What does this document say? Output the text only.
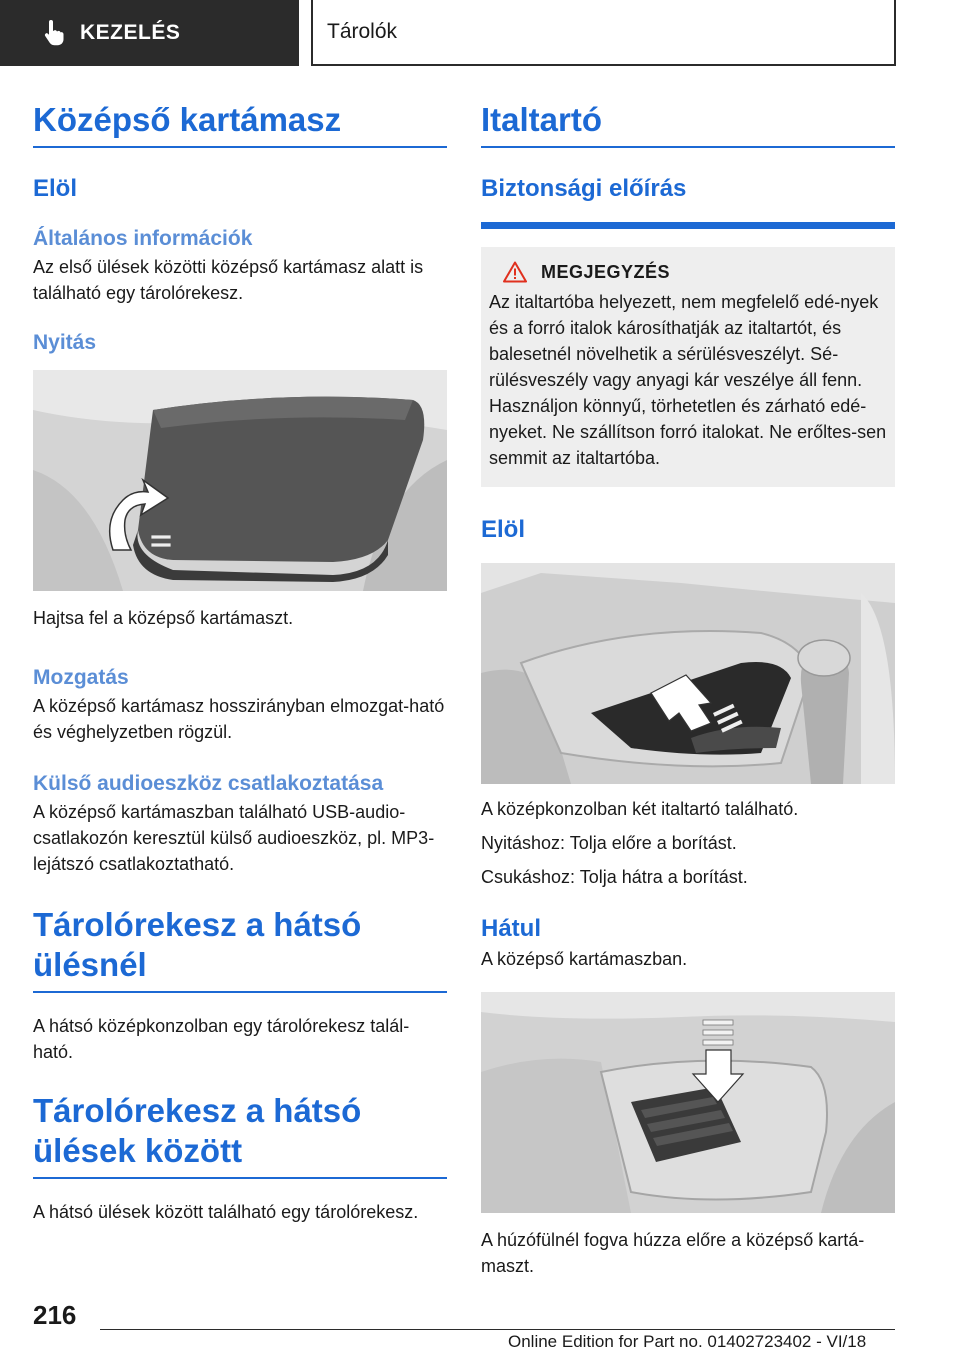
KEZELÉS	Tárolók
Középső kartámasz
Elöl
Általános információk
Az első ülések közötti középső kartámasz alatt is található egy tárolórekesz.
Nyitás
Hajtsa fel a középső kartámaszt.
Mozgatás
A középső kartámasz hosszirányban elmozgat-ható és véghelyzetben rögzül.
Külső audioeszköz csatlakoztatása
A középső kartámaszban található USB-audio-csatlakozón keresztül külső audioeszköz, pl. MP3-lejátszó csatlakoztatható.
Tárolórekesz a hátsó ülésnél
A hátsó középkonzolban egy tárolórekesz talál-ható.
Tárolórekesz a hátsó ülések között
A hátsó ülések között található egy tárolórekesz.
Italtartó
Biztonsági előírás
MEGJEGYZÉS
Az italtartóba helyezett, nem megfelelő edé-nyek és a forró italok károsíthatják az italtartót, és balesetnél növelhetik a sérülésveszélyt. Sé-rülésveszély vagy anyagi kár veszélye áll fenn. Használjon könnyű, törhetetlen és zárható edé-nyeket. Ne szállítson forró italokat. Ne erőltes-sen semmit az italtartóba.
Elöl
A középkonzolban két italtartó található.
Nyitáshoz: Tolja előre a borítást.
Csukáshoz: Tolja hátra a borítást.
Hátul
A középső kartámaszban.
A húzófülnél fogva húzza előre a középső kartá-maszt.
216
Online Edition for Part no. 01402723402 - VI/18
